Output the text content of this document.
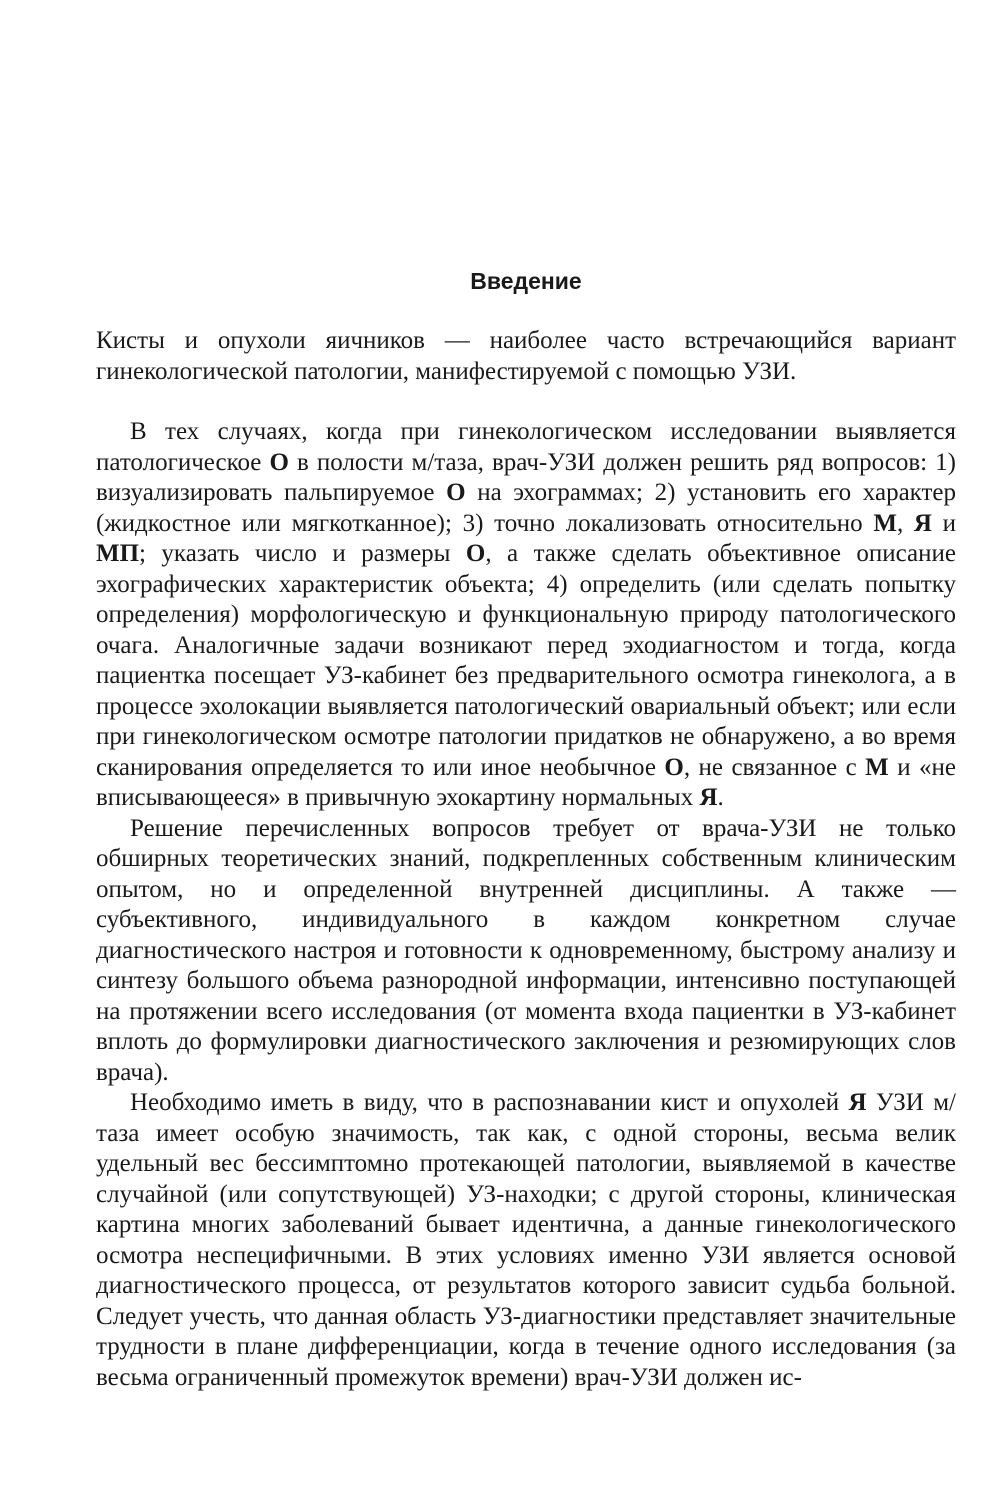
Введение

Кисты и опухоли яичников — наиболее часто встречающийся вариант гинекологической патологии, манифестируемой с помощью УЗИ.

В тех случаях, когда при гинекологическом исследовании выявляется патологическое О в полости м/таза, врач-УЗИ должен решить ряд вопросов: 1) визуализировать пальпируемое О на эхограммах; 2) установить его характер (жидкостное или мягкотканное); 3) точно локализовать относительно М, Я и МП; указать число и размеры О, а также сделать объективное описание эхографических характеристик объекта; 4) определить (или сделать попытку определения) морфологическую и функциональную природу патологического очага. Аналогичные задачи возникают перед эходиагностом и тогда, когда пациентка посещает УЗ-кабинет без предварительного осмотра гинеколога, а в процессе эхолокации выявляется патологический овариальный объект; или если при гинекологическом осмотре патологии придатков не обнаружено, а во время сканирования определяется то или иное необычное О, не связанное с М и «не вписывающееся» в привычную эхокартину нормальных Я.

Решение перечисленных вопросов требует от врача-УЗИ не только обширных теоретических знаний, подкрепленных собственным клиническим опытом, но и определенной внутренней дисциплины. А также — субъективного, индивидуального в каждом конкретном случае диагностического настроя и готовности к одновременному, быстрому анализу и синтезу большого объема разнородной информации, интенсивно поступающей на протяжении всего исследования (от момента входа пациентки в УЗ-кабинет вплоть до формулировки диагностического заключения и резюмирующих слов врача).

Необходимо иметь в виду, что в распознавании кист и опухолей Я УЗИ м/таза имеет особую значимость, так как, с одной стороны, весьма велик удельный вес бессимптомно протекающей патологии, выявляемой в качестве случайной (или сопутствующей) УЗ-находки; с другой стороны, клиническая картина многих заболеваний бывает идентична, а данные гинекологического осмотра неспецифичными. В этих условиях именно УЗИ является основой диагностического процесса, от результатов которого зависит судьба больной. Следует учесть, что данная область УЗ-диагностики представляет значительные трудности в плане дифференциации, когда в течение одного исследования (за весьма ограниченный промежуток времени) врач-УЗИ должен ис-
